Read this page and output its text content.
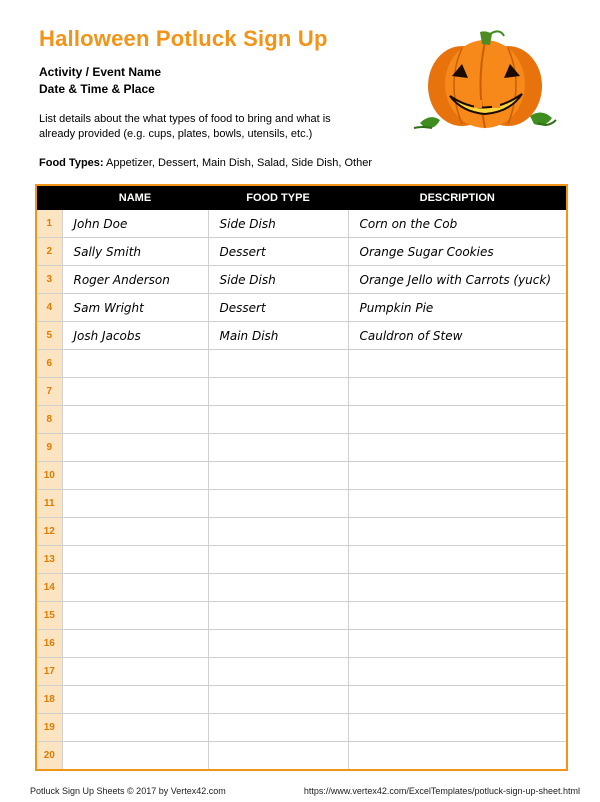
Halloween Potluck Sign Up
Activity / Event Name
Date & Time & Place
List details about the what types of food to bring and what is already provided (e.g. cups, plates, bowls, utensils, etc.)
Food Types: Appetizer, Dessert, Main Dish, Salad, Side Dish, Other
	NAME	FOOD TYPE	DESCRIPTION
1	John Doe	Side Dish	Corn on the Cob
2	Sally Smith	Dessert	Orange Sugar Cookies
3	Roger Anderson	Side Dish	Orange Jello with Carrots (yuck)
4	Sam Wright	Dessert	Pumpkin Pie
5	Josh Jacobs	Main Dish	Cauldron of Stew
6			
7			
8			
9			
10			
11			
12			
13			
14			
15			
16			
17			
18			
19			
20			
Potluck Sign Up Sheets © 2017 by Vertex42.com	https://www.vertex42.com/ExcelTemplates/potluck-sign-up-sheet.html
